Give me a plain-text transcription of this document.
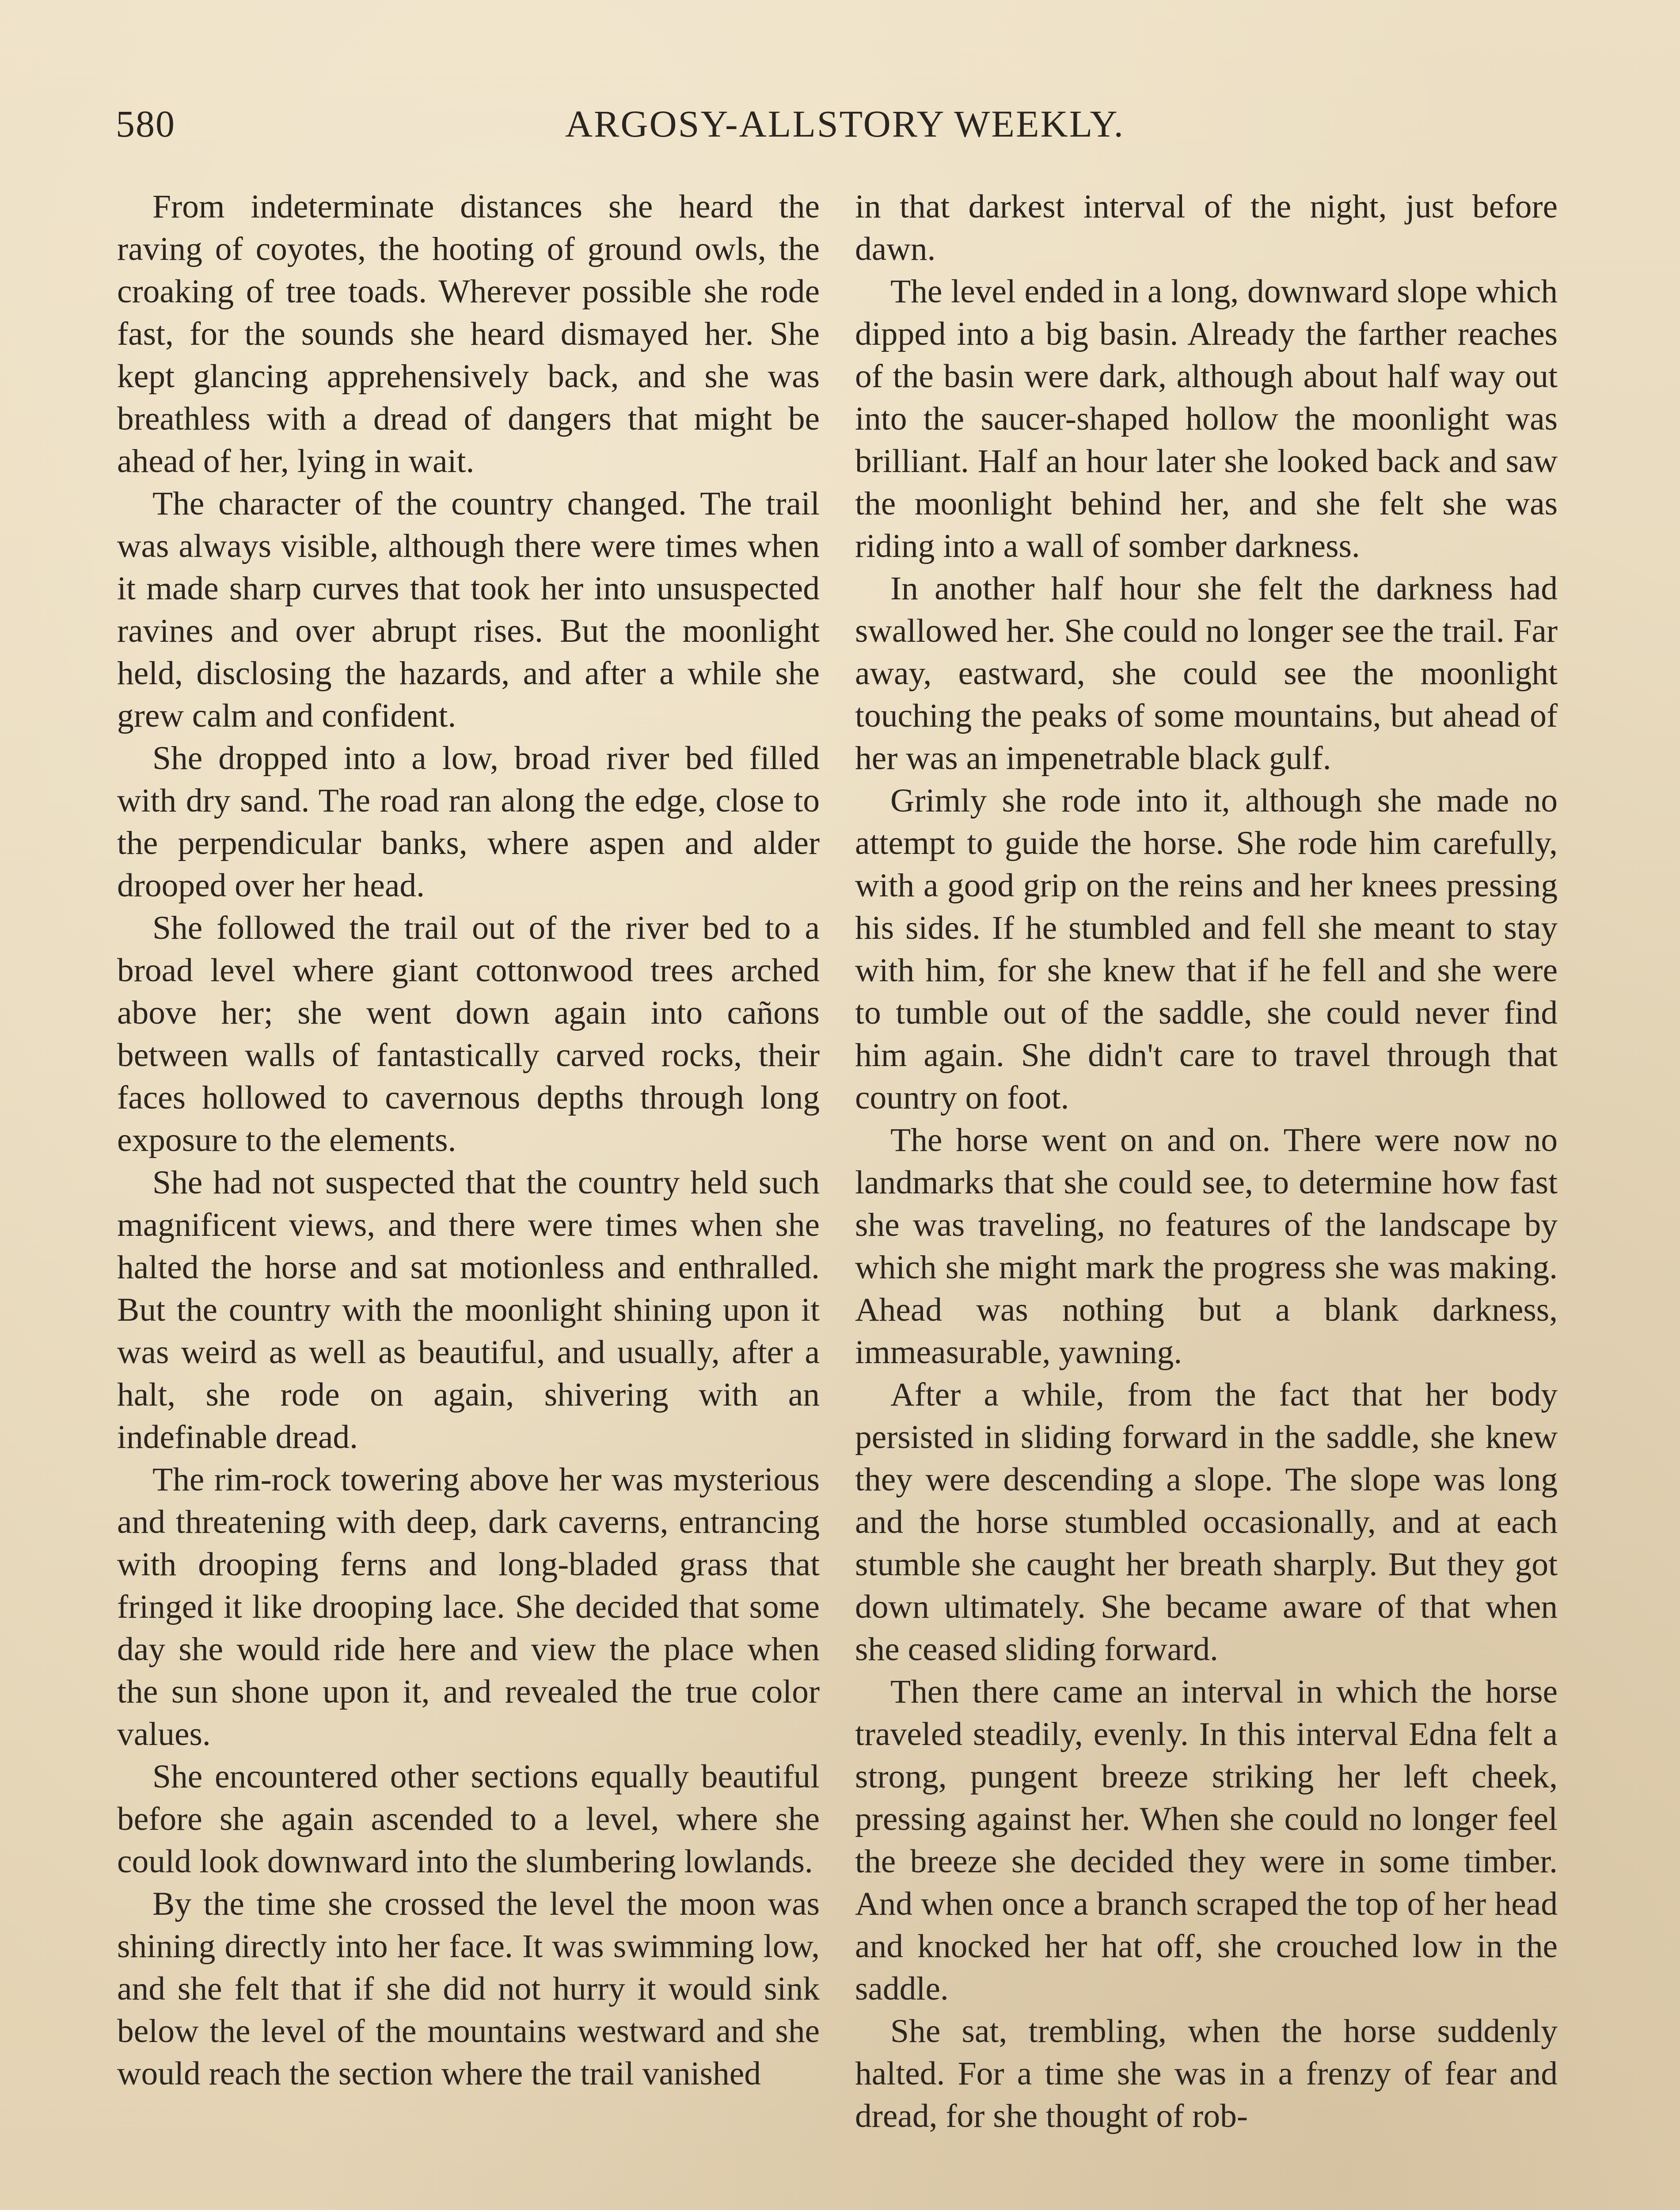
ARGOSY-ALLSTORY WEEKLY.
580

From indeterminate distances she heard the raving of coyotes, the hooting of ground owls, the croaking of tree toads. Wherever possible she rode fast, for the sounds she heard dismayed her. She kept glancing apprehensively back, and she was breathless with a dread of dangers that might be ahead of her, lying in wait.

The character of the country changed. The trail was always visible, although there were times when it made sharp curves that took her into unsuspected ravines and over abrupt rises. But the moonlight held, disclosing the hazards, and after a while she grew calm and confident.

She dropped into a low, broad river bed filled with dry sand. The road ran along the edge, close to the perpendicular banks, where aspen and alder drooped over her head.

She followed the trail out of the river bed to a broad level where giant cottonwood trees arched above her; she went down again into cañons between walls of fantastically carved rocks, their faces hollowed to cavernous depths through long exposure to the elements.

She had not suspected that the country held such magnificent views, and there were times when she halted the horse and sat motionless and enthralled. But the country with the moonlight shining upon it was weird as well as beautiful, and usually, after a halt, she rode on again, shivering with an indefinable dread.

The rim-rock towering above her was mysterious and threatening with deep, dark caverns, entrancing with drooping ferns and long-bladed grass that fringed it like drooping lace. She decided that some day she would ride here and view the place when the sun shone upon it, and revealed the true color values.

She encountered other sections equally beautiful before she again ascended to a level, where she could look downward into the slumbering lowlands.

By the time she crossed the level the moon was shining directly into her face. It was swimming low, and she felt that if she did not hurry it would sink below the level of the mountains westward and she would reach the section where the trail vanished

in that darkest interval of the night, just before dawn.

The level ended in a long, downward slope which dipped into a big basin. Already the farther reaches of the basin were dark, although about half way out into the saucer-shaped hollow the moonlight was brilliant. Half an hour later she looked back and saw the moonlight behind her, and she felt she was riding into a wall of somber darkness.

In another half hour she felt the darkness had swallowed her. She could no longer see the trail. Far away, eastward, she could see the moonlight touching the peaks of some mountains, but ahead of her was an impenetrable black gulf.

Grimly she rode into it, although she made no attempt to guide the horse. She rode him carefully, with a good grip on the reins and her knees pressing his sides. If he stumbled and fell she meant to stay with him, for she knew that if he fell and she were to tumble out of the saddle, she could never find him again. She didn't care to travel through that country on foot.

The horse went on and on. There were now no landmarks that she could see, to determine how fast she was traveling, no features of the landscape by which she might mark the progress she was making. Ahead was nothing but a blank darkness, immeasurable, yawning.

After a while, from the fact that her body persisted in sliding forward in the saddle, she knew they were descending a slope. The slope was long and the horse stumbled occasionally, and at each stumble she caught her breath sharply. But they got down ultimately. She became aware of that when she ceased sliding forward.

Then there came an interval in which the horse traveled steadily, evenly. In this interval Edna felt a strong, pungent breeze striking her left cheek, pressing against her. When she could no longer feel the breeze she decided they were in some timber. And when once a branch scraped the top of her head and knocked her hat off, she crouched low in the saddle.

She sat, trembling, when the horse suddenly halted. For a time she was in a frenzy of fear and dread, for she thought of rob-
